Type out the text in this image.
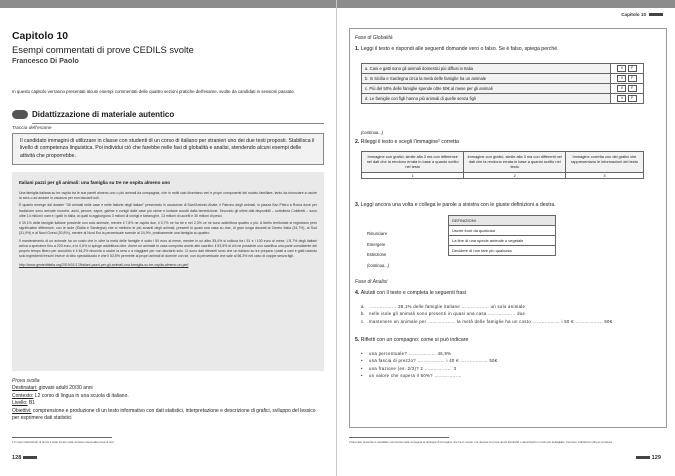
Capitolo 10
Esempi commentati di prove CEDILS svolte
Francesco Di Paolo
In questo capitolo verranno presentati alcuni esempi commentati delle quattro sezioni pratiche dell'esame, svolte da candidati in sessioni passate.
Didattizzazione di materiale autentico
Traccia dell'esame
Il candidato immagini di utilizzare in classe con studenti di un corso di italiano per stranieri uno dei due testi proposti. Stabilisca il livello di competenza linguistica. Poi individui ciò che farebbe nelle fasi di globalità e analisi, stendendo alcuni esempi delle attività che proporrebbe.
Italiani pazzi per gli animali: una famiglia su tre ne ospita almeno uno

Una famiglia italiana su tre ospita tra le sue pareti almeno uno o più animali da compagnia, che in molti casi diventano veri e propri componenti del nucleo familiare, tanto da rinunciare a uscire la sera o ad andare in vacanza per non lasciarli soli.

È quanto emerge dal dossier "Gli animali nelle case e nelle fattorie degli italiani" presentato in occasione di Sant'Antonio Abate, il Patrono degli animali, in piazza San Pietro a Roma dove per tradizione sono arrivate mucche, asini, pecore, capre, galline e conigli dalle case più vicine e lontane accolti dalla benedizione. Secondo gli ultimi dati disponibili – sottolinea Coldiretti – sono oltre 14 milioni i cani e i gatti in Italia, ai quali si aggiungono 3 milioni di conigli e tartarughe, 13 milioni di uccelli e 30 milioni di pesci.

Il 39,1% delle famiglie italiane possiede uno solo animale, mentre il 7,8% ne ospita due, il 3,7% ne ha tre e nel 2,3% ce ne sono addirittura quattro o più. A livello territoriale si registrano però significative differenze, con le isole (Sicilia e Sardegna) che si mettono le più amanti degli animali, presenti in quasi una casa su due, di gran lunga davanti al Centro Italia (34,7%), al Sud (31,9%) e al Nord Ovest (30,8%), mentre al Nord Est la percentuale scende al 24,9%, praticamente una famiglia su quattro.

Il mantenimento di un animale ha un costo che in oltre la metà delle famiglie è sotto i 50 euro al mese, mentre in un altro 35,4% si colloca fra i 51 e i 100 euro al mese. L'8,7% degli italiani arriva a spendere fino a 200 euro, e lo 0,6% si spinge addirittura oltre. Avere un animale in casa comporta anche altri sacrifici: il 53,5% di chi ne possiede uno sacrifica una parte consistente del proprio tempo libero per accudirlo e il 46,2% rinuncia a uscire la sera o a viaggiare per non lasciarlo solo. Ci sono dati rilevanti sono che un italiano su tre prepara i pasti a cani e gatti usando solo ingredienti freschi invece di cibo specializzato e che il 53,5% permette ai propri animali di dormire con sé, con la percentuale che sale al 56,3% nel caso di coppie senza figli.

http://www.gentedittalia.org/2019/01/17/italiani-pazzi-per-gli-animali-una-famiglia-su-tre-ospita-almeno-un-pet/
Prova svolta
Destinatari: giovani adulti 20/30 anni
Contesto: L2 corso di lingua in una scuola di italiano.
Livello: B1
Obiettivi: comprensione e produzione di un testo informativo con dati statistici, interpretazione e descrizione di grafici, sviluppo del lessico per esprimere dati statistici
1 Il corpo dell'articolo di prova è stato fornito nella versione intera alla prova di test.
128
Capitolo 10
Fase di Globalità
1. Leggi il testo e rispondi alle seguenti domande vero o falso. Se è falso, spiega perché.
a. Cani e gatti sono gli animali domestici più diffusi in Italia	V F
b. In Sicilia e Sardegna circa la metà delle famiglie ha un animale	V F
c. Più del 50% delle famiglie spende oltre 50€ al mese per gli animali	V F
d. Le famiglie con figli hanno più animali di quelle senza figli	V F
(continua...)
2. Rileggi il testo e scegli l'immagine² corretta
Immagine con grafici, simile alla 3 ma con differenze nei dati che la rendono errata in base a quanto scritto nel testo	Immagine con grafici, simile alla 3 ma con differenti nei dati che la rendono errata in base a quanto scritto nel testo	Immagine corretta con dei grafici che rappresentano le informazioni del testo
1	2	3
3. Leggi ancora una volta e collega le parole a sinistra con le giuste definizioni a destra.
Rinunciare
Emergere
Estinzione
(continua...)
DEFINIZIONI
Uscire fuori da qualcosa
La fine di una specie animale o vegetale
Decidere di non fare più qualcosa
Fase di Analisi
4. Aiutati con il testo e completa le seguenti frasi
a.	……………… 39,1% delle famiglie italiane ……………… un solo animale
b.	nelle isole gli animali sono presenti in quasi una casa ……………… due
c.	mantenere un animale per ……………… la metà delle famiglie ha un costo ……………… i 50 € ……………… 50€
5. Rifletti con un compagno: come si può indicare
•	una percentuale? ……………… 46,9%
•	una fascia di prezzo? ……………… i 40 € ……………… 50€
•	una frazione (es. 2/3)? 2 ……………… 3
•	un valore che supera il 50%? ………………
2 Nel caso presente il candidato commenta nella consegna la tipologia di immagine che ha in mente, ma durante la prova dovrà illustrarla o descriverla in modo più dettagliato. Fornisce indicazioni utili per la lettura.
129
